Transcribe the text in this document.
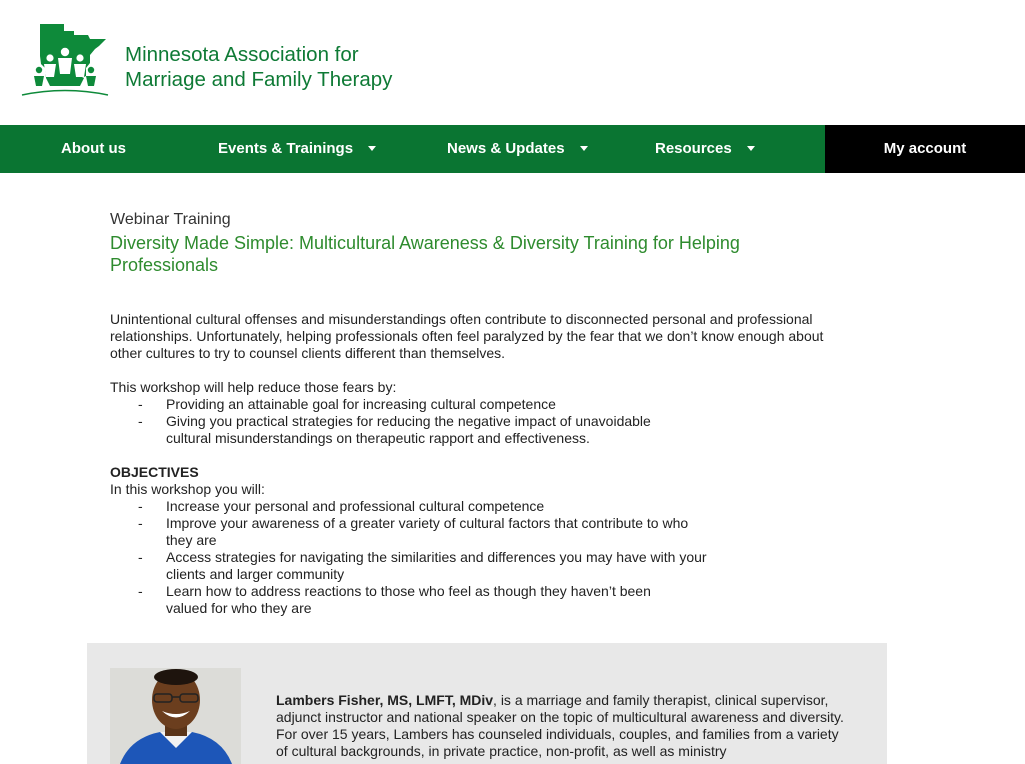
Minnesota Association for
Marriage and Family Therapy
About us	Events & Trainings	News & Updates	Resources	My account
Webinar Training
Diversity Made Simple: Multicultural Awareness & Diversity Training for Helping Professionals

Unintentional cultural offenses and misunderstandings often contribute to disconnected personal and professional relationships. Unfortunately, helping professionals often feel paralyzed by the fear that we don’t know enough about other cultures to try to counsel clients different than themselves.

This workshop will help reduce those fears by:

- Providing an attainable goal for increasing cultural competence
- Giving you practical strategies for reducing the negative impact of unavoidable cultural misunderstandings on therapeutic rapport and effectiveness.

OBJECTIVES

In this workshop you will:

- Increase your personal and professional cultural competence
- Improve your awareness of a greater variety of cultural factors that contribute to who they are
- Access strategies for navigating the similarities and differences you may have with your clients and larger community
- Learn how to address reactions to those who feel as though they haven’t been valued for who they are

Lambers Fisher, MS, LMFT, MDiv, is a marriage and family therapist, clinical supervisor, adjunct instructor and national speaker on the topic of multicultural awareness and diversity. For over 15 years, Lambers has counseled individuals, couples, and families from a variety of cultural backgrounds, in private practice, non-profit, as well as ministry
